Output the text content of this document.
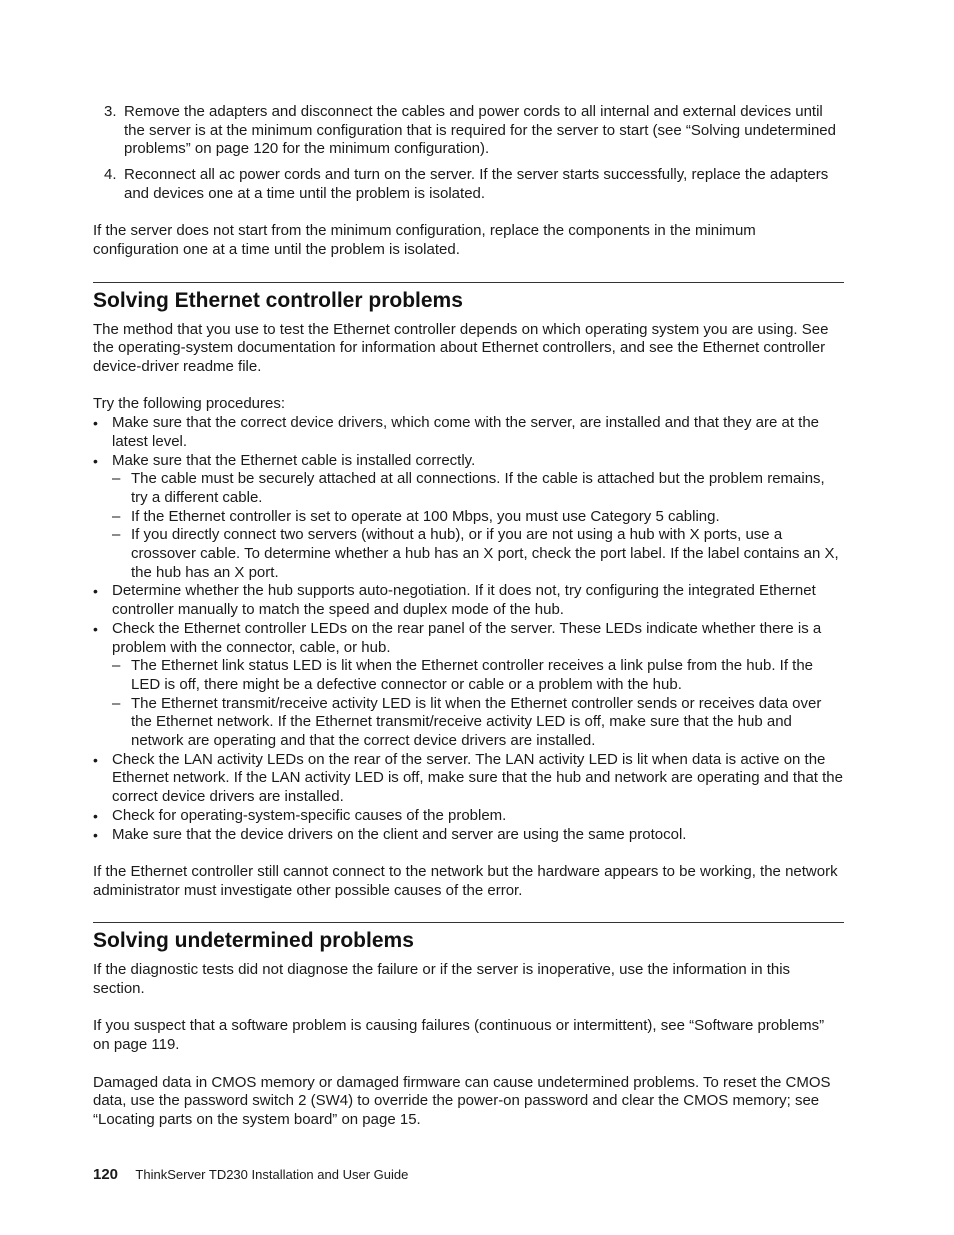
3. Remove the adapters and disconnect the cables and power cords to all internal and external devices until the server is at the minimum configuration that is required for the server to start (see “Solving undetermined problems” on page 120 for the minimum configuration).
4. Reconnect all ac power cords and turn on the server. If the server starts successfully, replace the adapters and devices one at a time until the problem is isolated.

If the server does not start from the minimum configuration, replace the components in the minimum configuration one at a time until the problem is isolated.

Solving Ethernet controller problems

The method that you use to test the Ethernet controller depends on which operating system you are using. See the operating-system documentation for information about Ethernet controllers, and see the Ethernet controller device-driver readme file.

Try the following procedures:

• Make sure that the correct device drivers, which come with the server, are installed and that they are at the latest level.
• Make sure that the Ethernet cable is installed correctly.
– The cable must be securely attached at all connections. If the cable is attached but the problem remains, try a different cable.
– If the Ethernet controller is set to operate at 100 Mbps, you must use Category 5 cabling.
– If you directly connect two servers (without a hub), or if you are not using a hub with X ports, use a crossover cable. To determine whether a hub has an X port, check the port label. If the label contains an X, the hub has an X port.
• Determine whether the hub supports auto-negotiation. If it does not, try configuring the integrated Ethernet controller manually to match the speed and duplex mode of the hub.
• Check the Ethernet controller LEDs on the rear panel of the server. These LEDs indicate whether there is a problem with the connector, cable, or hub.
– The Ethernet link status LED is lit when the Ethernet controller receives a link pulse from the hub. If the LED is off, there might be a defective connector or cable or a problem with the hub.
– The Ethernet transmit/receive activity LED is lit when the Ethernet controller sends or receives data over the Ethernet network. If the Ethernet transmit/receive activity LED is off, make sure that the hub and network are operating and that the correct device drivers are installed.
• Check the LAN activity LEDs on the rear of the server. The LAN activity LED is lit when data is active on the Ethernet network. If the LAN activity LED is off, make sure that the hub and network are operating and that the correct device drivers are installed.
• Check for operating-system-specific causes of the problem.
• Make sure that the device drivers on the client and server are using the same protocol.

If the Ethernet controller still cannot connect to the network but the hardware appears to be working, the network administrator must investigate other possible causes of the error.

Solving undetermined problems

If the diagnostic tests did not diagnose the failure or if the server is inoperative, use the information in this section.

If you suspect that a software problem is causing failures (continuous or intermittent), see “Software problems” on page 119.

Damaged data in CMOS memory or damaged firmware can cause undetermined problems. To reset the CMOS data, use the password switch 2 (SW4) to override the power-on password and clear the CMOS memory; see “Locating parts on the system board” on page 15.

120 ThinkServer TD230 Installation and User Guide
